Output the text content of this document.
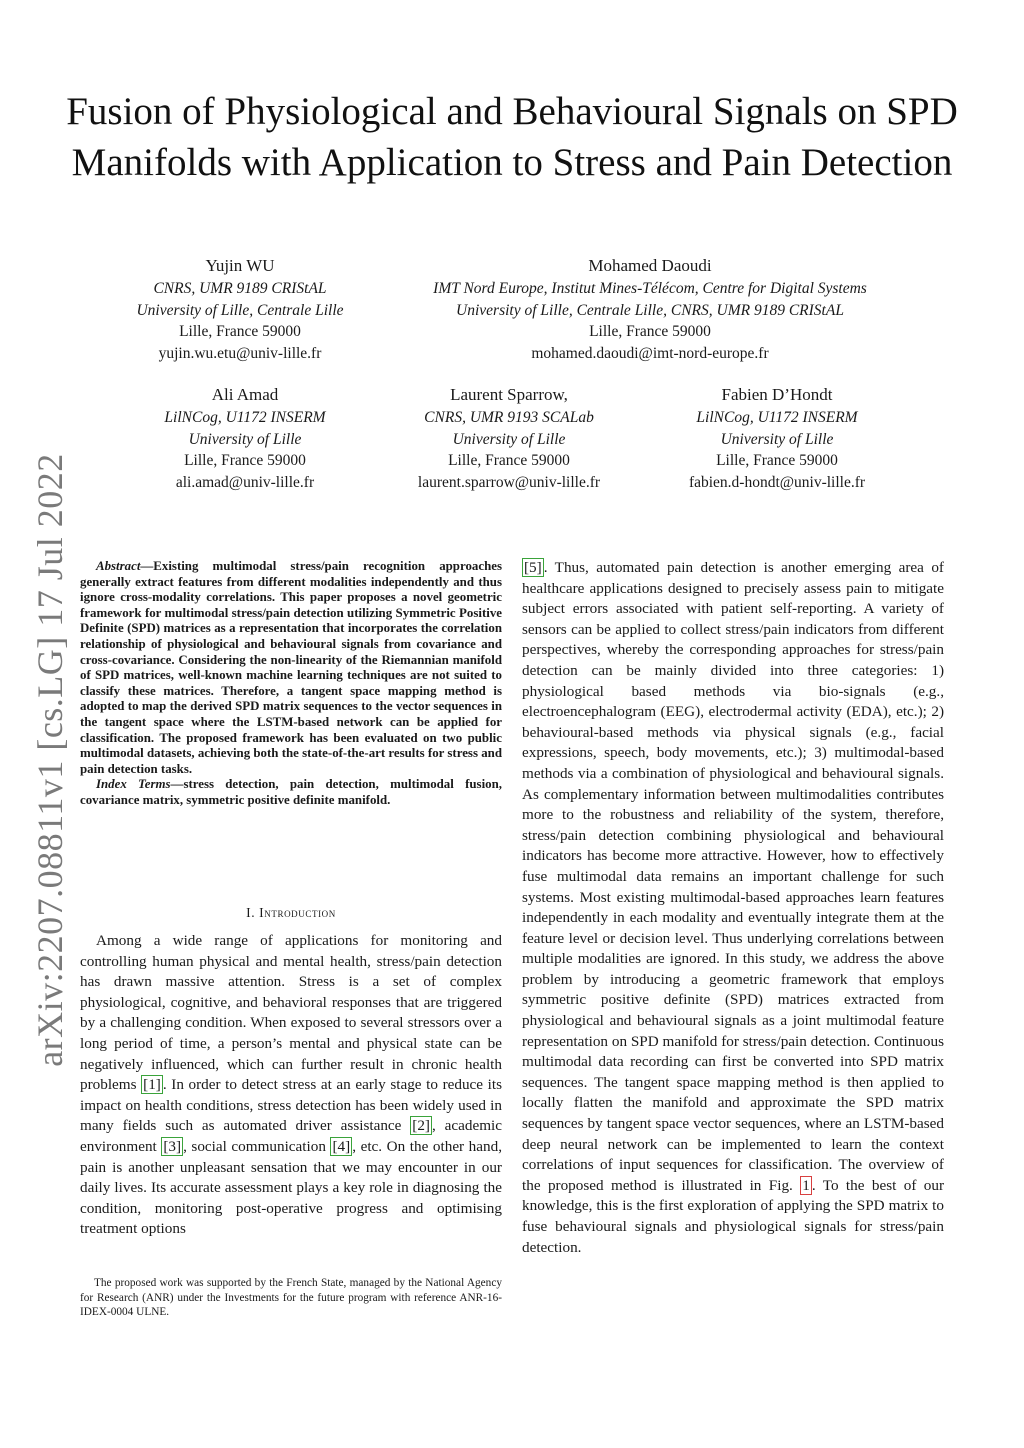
arXiv:2207.08811v1 [cs.LG] 17 Jul 2022
Fusion of Physiological and Behavioural Signals on SPD Manifolds with Application to Stress and Pain Detection
Yujin WU
CNRS, UMR 9189 CRIStAL
University of Lille, Centrale Lille
Lille, France 59000
yujin.wu.etu@univ-lille.fr
Mohamed Daoudi
IMT Nord Europe, Institut Mines-Télécom, Centre for Digital Systems
University of Lille, Centrale Lille, CNRS, UMR 9189 CRIStAL
Lille, France 59000
mohamed.daoudi@imt-nord-europe.fr
Ali Amad
LilNCog, U1172 INSERM
University of Lille
Lille, France 59000
ali.amad@univ-lille.fr
Laurent Sparrow,
CNRS, UMR 9193 SCALab
University of Lille
Lille, France 59000
laurent.sparrow@univ-lille.fr
Fabien D’Hondt
LilNCog, U1172 INSERM
University of Lille
Lille, France 59000
fabien.d-hondt@univ-lille.fr

Abstract—Existing multimodal stress/pain recognition approaches generally extract features from different modalities independently and thus ignore cross-modality correlations. This paper proposes a novel geometric framework for multimodal stress/pain detection utilizing Symmetric Positive Definite (SPD) matrices as a representation that incorporates the correlation relationship of physiological and behavioural signals from covariance and cross-covariance. Considering the non-linearity of the Riemannian manifold of SPD matrices, well-known machine learning techniques are not suited to classify these matrices. Therefore, a tangent space mapping method is adopted to map the derived SPD matrix sequences to the vector sequences in the tangent space where the LSTM-based network can be applied for classification. The proposed framework has been evaluated on two public multimodal datasets, achieving both the state-of-the-art results for stress and pain detection tasks.

Index Terms—stress detection, pain detection, multimodal fusion, covariance matrix, symmetric positive definite manifold.

I. Introduction

Among a wide range of applications for monitoring and controlling human physical and mental health, stress/pain detection has drawn massive attention. Stress is a set of complex physiological, cognitive, and behavioral responses that are triggered by a challenging condition. When exposed to several stressors over a long period of time, a person’s mental and physical state can be negatively influenced, which can further result in chronic health problems [1] . In order to detect stress at an early stage to reduce its impact on health conditions, stress detection has been widely used in many fields such as automated driver assistance [2] , academic environment [3] , social communication [4] , etc. On the other hand, pain is another unpleasant sensation that we may encounter in our daily lives. Its accurate assessment plays a key role in diagnosing the condition, monitoring post-operative progress and optimising treatment options

The proposed work was supported by the French State, managed by the National Agency for Research (ANR) under the Investments for the future program with reference ANR-16-IDEX-0004 ULNE.

[5] . Thus, automated pain detection is another emerging area of healthcare applications designed to precisely assess pain to mitigate subject errors associated with patient self-reporting. A variety of sensors can be applied to collect stress/pain indicators from different perspectives, whereby the corresponding approaches for stress/pain detection can be mainly divided into three categories: 1) physiological based methods via bio-signals (e.g., electroencephalogram (EEG), electrodermal activity (EDA), etc.); 2) behavioural-based methods via physical signals (e.g., facial expressions, speech, body movements, etc.); 3) multimodal-based methods via a combination of physiological and behavioural signals. As complementary information between multimodalities contributes more to the robustness and reliability of the system, therefore, stress/pain detection combining physiological and behavioural indicators has become more attractive. However, how to effectively fuse multimodal data remains an important challenge for such systems. Most existing multimodal-based approaches learn features independently in each modality and eventually integrate them at the feature level or decision level. Thus underlying correlations between multiple modalities are ignored. In this study, we address the above problem by introducing a geometric framework that employs symmetric positive definite (SPD) matrices extracted from physiological and behavioural signals as a joint multimodal feature representation on SPD manifold for stress/pain detection. Continuous multimodal data recording can first be converted into SPD matrix sequences. The tangent space mapping method is then applied to locally flatten the manifold and approximate the SPD matrix sequences by tangent space vector sequences, where an LSTM-based deep neural network can be implemented to learn the context correlations of input sequences for classification. The overview of the proposed method is illustrated in Fig. 1 . To the best of our knowledge, this is the first exploration of applying the SPD matrix to fuse behavioural signals and physiological signals for stress/pain detection.
